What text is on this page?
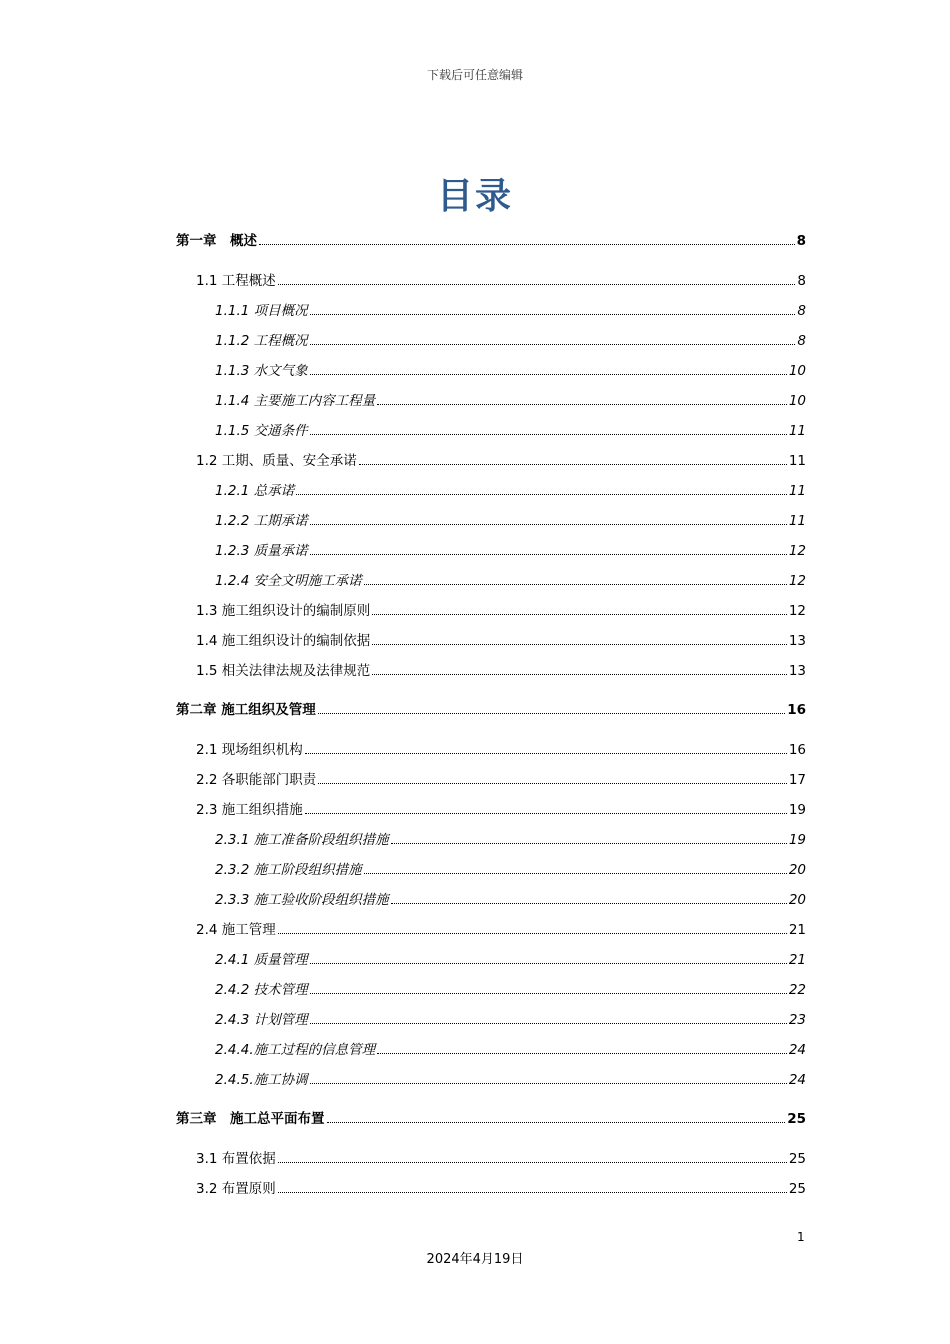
下载后可任意编辑
目录
第一章　概述	8
1.1 工程概述	8
1.1.1 项目概况	8
1.1.2 工程概况	8
1.1.3 水文气象	10
1.1.4 主要施工内容工程量	10
1.1.5 交通条件	11
1.2 工期、质量、安全承诺	11
1.2.1 总承诺	11
1.2.2 工期承诺	11
1.2.3 质量承诺	12
1.2.4 安全文明施工承诺	12
1.3 施工组织设计的编制原则	12
1.4 施工组织设计的编制依据	13
1.5 相关法律法规及法律规范	13
第二章 施工组织及管理	16
2.1 现场组织机构	16
2.2 各职能部门职责	17
2.3 施工组织措施	19
2.3.1 施工准备阶段组织措施	19
2.3.2 施工阶段组织措施	20
2.3.3 施工验收阶段组织措施	20
2.4 施工管理	21
2.4.1 质量管理	21
2.4.2 技术管理	22
2.4.3 计划管理	23
2.4.4.施工过程的信息管理	24
2.4.5.施工协调	24
第三章　施工总平面布置	25
3.1 布置依据	25
3.2 布置原则	25
1
2024年4月19日
